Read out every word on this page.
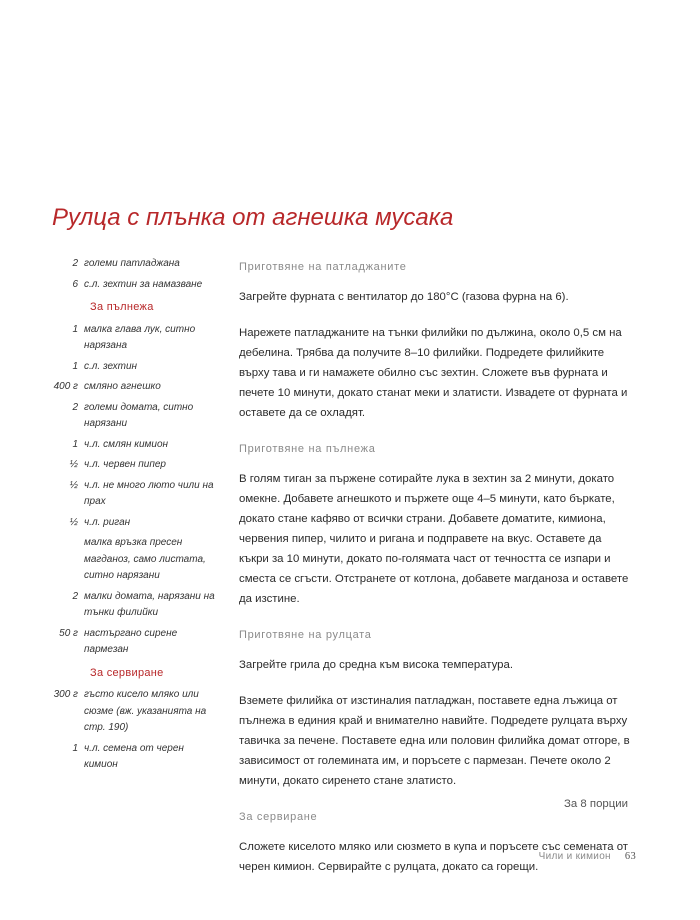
Рулца с плънка от агнешка мусака
2 големи патладжана
6 с.л. зехтин за намазване
За пълнежа
1 малка глава лук, ситно нарязана
1 с.л. зехтин
400 г смляно агнешко
2 големи домата, ситно нарязани
1 ч.л. смлян кимион
½ ч.л. червен пипер
½ ч.л. не много люто чили на прах
½ ч.л. риган
малка връзка пресен магданоз, само листата, ситно нарязани
2 малки домата, нарязани на тънки филийки
50 г настъргано сирене пармезан
За сервиране
300 г гъсто кисело мляко или сюзме (вж. указанията на стр. 190)
1 ч.л. семена от черен кимион
Приготвяне на патладжаните

Загрейте фурната с вентилатор до 180°C (газова фурна на 6).

Нарежете патладжаните на тънки филийки по дължина, около 0,5 см на дебелина. Трябва да получите 8–10 филийки. Подредете филийките върху тава и ги намажете обилно със зехтин. Сложете във фурната и печете 10 минути, докато станат меки и златисти. Извадете от фурната и оставете да се охладят.

Приготвяне на пълнежа

В голям тиган за пържене сотирайте лука в зехтин за 2 минути, докато омекне. Добавете агнешкото и пържете още 4–5 минути, като бъркате, докато стане кафяво от всички страни. Добавете доматите, кимиона, червения пипер, чилито и ригана и подправете на вкус. Оставете да къкри за 10 минути, докато по-голямата част от течността се изпари и сместа се сгъсти. Отстранете от котлона, добавете магданоза и оставете да изстине.

Приготвяне на рулцата

Загрейте грила до средна към висока температура.

Вземете филийка от изстиналия патладжан, поставете една лъжица от пълнежа в единия край и внимателно навийте. Подредете рулцата върху тавичка за печене. Поставете една или половин филийка домат отгоре, в зависимост от големината им, и поръсете с пармезан. Печете около 2 минути, докато сиренето стане златисто.

За сервиране

Сложете киселото мляко или сюзмето в купа и поръсете със семената от черен кимион. Сервирайте с рулцата, докато са горещи.

За 8 порции
Чили и кимион 63
